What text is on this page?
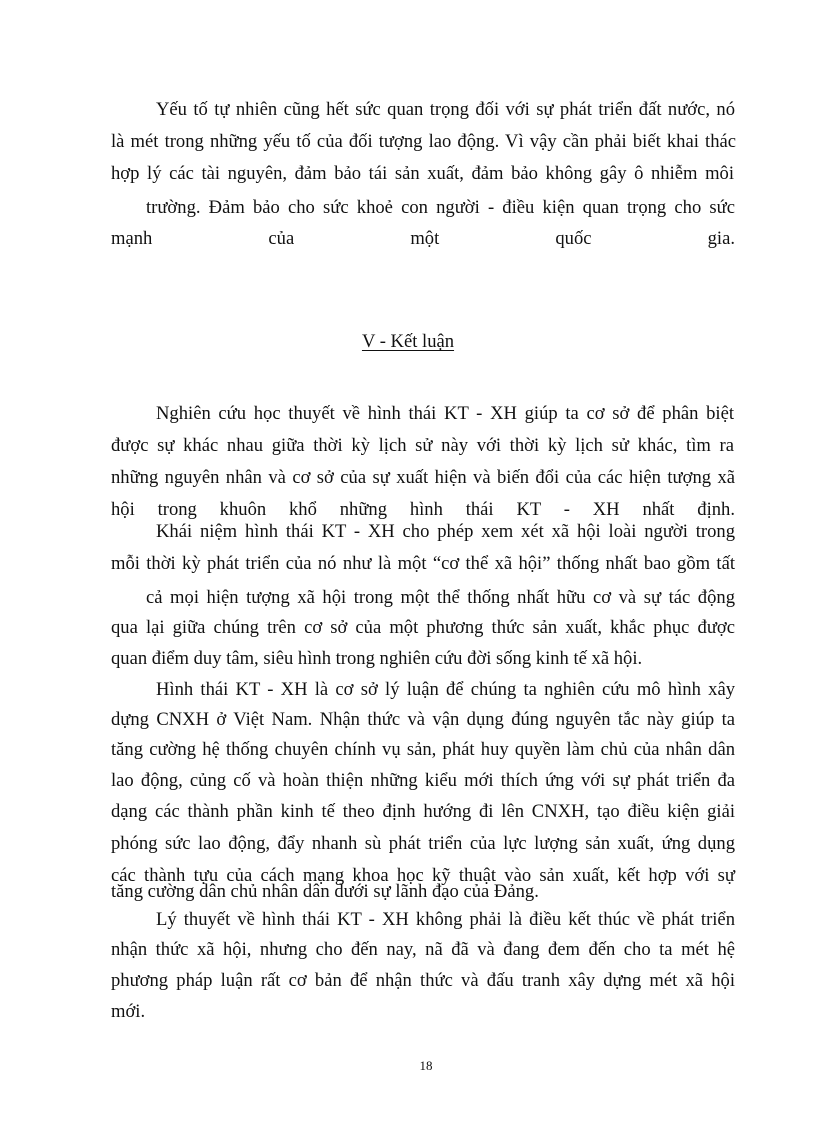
Yếu tố tự nhiên cũng hết sức quan trọng đối với sự phát triển đất nước, nó

là mét trong những yếu tố của đối tượng lao động. Vì vậy cần phải biết khai thác

hợp lý các tài nguyên, đảm bảo tái sản xuất, đảm bảo không gây ô nhiễm môi

trường. Đảm bảo cho sức khoẻ con người - điều kiện quan trọng cho sức

mạnh của một quốc gia.

V - Kết luận

Nghiên cứu học thuyết về hình thái KT - XH giúp ta cơ sở để phân biệt

được sự khác nhau giữa thời kỳ lịch sử này với thời kỳ lịch sử khác, tìm ra

những nguyên nhân và cơ sở của sự xuất hiện và biến đổi của các hiện tượng xã

hội trong khuôn khổ những hình thái KT - XH nhất định.

Khái niệm hình thái KT - XH cho phép xem xét xã hội loài người trong

mỗi thời kỳ phát triển của nó như là một “cơ thể xã hội” thống nhất bao gồm tất

cả mọi hiện tượng xã hội trong một thể thống nhất hữu cơ và sự tác động

qua lại giữa chúng trên cơ sở của một phương thức sản xuất, khắc phục được

quan điểm duy tâm, siêu hình trong nghiên cứu đời sống kinh tế xã hội.

Hình thái KT - XH là cơ sở lý luận để chúng ta nghiên cứu mô hình xây

dựng CNXH ở Việt Nam. Nhận thức và vận dụng đúng nguyên tắc này giúp ta

tăng cường hệ thống chuyên chính vụ sản, phát huy quyền làm chủ của nhân dân

lao động, củng cố và hoàn thiện những kiểu mới thích ứng với sự phát triển đa

dạng các thành phần kinh tế theo định hướng đi lên CNXH, tạo điều kiện giải

phóng sức lao động, đẩy nhanh sù phát triển của lực lượng sản xuất, ứng dụng

các thành tựu của cách mạng khoa học kỹ thuật vào sản xuất, kết hợp với sự

tăng cường dân chủ nhân dân dưới sự lãnh đạo của Đảng.

Lý thuyết về hình thái KT - XH không phải là điều kết thúc về phát triển

nhận thức xã hội, nhưng cho đến nay, nã đã và đang đem đến cho ta mét hệ

phương pháp luận rất cơ bản để nhận thức và đấu tranh xây dựng mét xã hội

mới.

18
